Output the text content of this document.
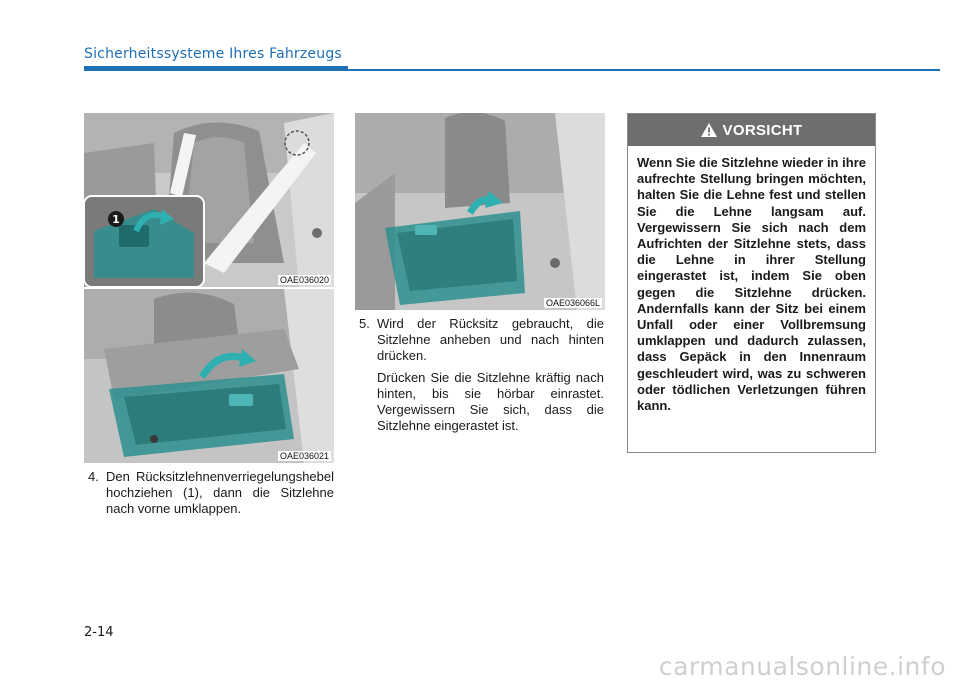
Sicherheitssysteme Ihres Fahrzeugs
1
OAE036020
OAE036021
OAE036066L
4. Den Rücksitzlehnenverriegelungshebel hochziehen (1), dann die Sitzlehne nach vorne umklappen.

5. Wird der Rücksitz gebraucht, die Sitzlehne anheben und nach hinten drücken.

Drücken Sie die Sitzlehne kräftig nach hinten, bis sie hörbar einrastet. Vergewissern Sie sich, dass die Sitzlehne eingerastet ist.

VORSICHT
Wenn Sie die Sitzlehne wieder in ihre aufrechte Stellung bringen möchten, halten Sie die Lehne fest und stellen Sie die Lehne langsam auf. Vergewissern Sie sich nach dem Aufrichten der Sitzlehne stets, dass die Lehne in ihrer Stellung eingerastet ist, indem Sie oben gegen die Sitzlehne drücken. Andernfalls kann der Sitz bei einem Unfall oder einer Vollbremsung umklappen und dadurch zulassen, dass Gepäck in den Innenraum geschleudert wird, was zu schweren oder tödlichen Verletzungen führen kann.
2-14
carmanualsonline.info
